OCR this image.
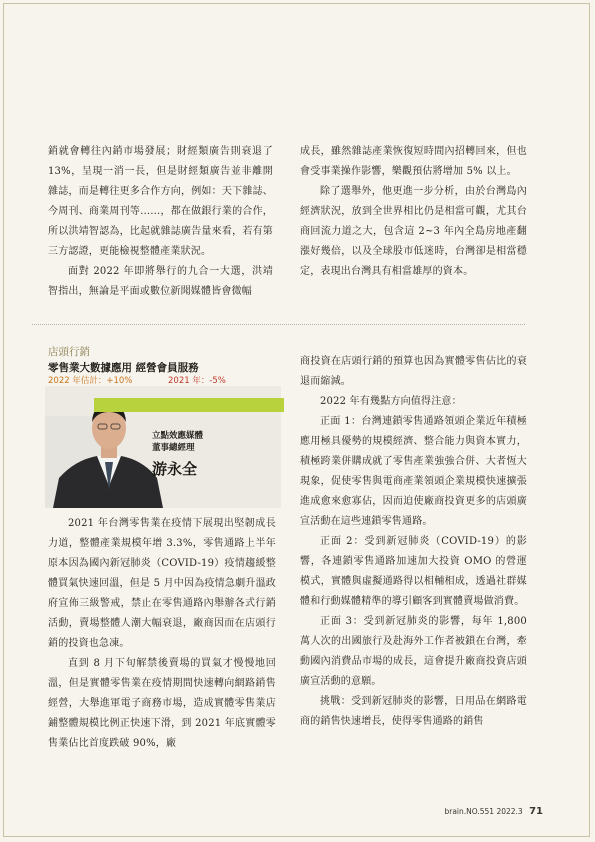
銷就會轉往內銷市場發展；財經類廣告則衰退了 13%，呈現一消一長，但是財經類廣告並非離開雜誌，而是轉往更多合作方向，例如：天下雜誌、今周刊、商業周刊等……，都在做銀行業的合作，所以洪靖智認為，比起就雜誌廣告量來看，若有第三方認證，更能檢視整體產業狀況。

面對 2022 年即將舉行的九合一大選，洪靖智指出，無論是平面或數位新聞媒體皆會微幅

成長，雖然雜誌產業恢復短時間內招轉回來，但也會受事業操作影響，樂觀預估將增加 5% 以上。

除了選舉外，他更進一步分析，由於台灣島內經濟狀況，放到全世界相比仍是相當可觀，尤其台商回流力道之大，包含這 2~3 年內全島房地產翻漲好幾倍，以及全球股市低迷時，台灣卻是相當穩定，表現出台灣具有相當雄厚的資本。

店頭行銷
零售業大數據應用 經營會員服務
2022 年估計：+10%	2021 年：-5%
立點效應媒體
董事總經理
游永全

2021 年台灣零售業在疫情下展現出堅韌成長力道，整體產業規模年增 3.3%，零售通路上半年原本因為國內新冠肺炎（COVID-19）疫情趨緩整體買氣快速回溫，但是 5 月中因為疫情急劇升溫政府宣佈三級警戒，禁止在零售通路內舉辦各式行銷活動，賣場整體人潮大幅衰退，廠商因而在店頭行銷的投資也急凍。

直到 8 月下旬解禁後賣場的買氣才慢慢地回溫，但是實體零售業在疫情期間快速轉向網路銷售經營，大舉進軍電子商務市場，造成實體零售業店鋪整體規模比例正快速下滑，到 2021 年底實體零售業佔比首度跌破 90%，廠

商投資在店頭行銷的預算也因為實體零售佔比的衰退而縮減。

2022 年有幾點方向值得注意：

正面 1：台灣連鎖零售通路領頭企業近年積極應用極具優勢的規模經濟、整合能力與資本實力，積極跨業併購成就了零售產業強強合併、大者恆大現象，促使零售與電商產業領頭企業規模快速擴張進成愈來愈寡佔，因而迫使廠商投資更多的店頭廣宣活動在這些連鎖零售通路。

正面 2：受到新冠肺炎（COVID-19）的影響，各連鎖零售通路加速加大投資 OMO 的營運模式，實體與虛擬通路得以相輔相成，透過社群媒體和行動媒體精準的導引顧客到實體賣場做消費。

正面 3：受到新冠肺炎的影響，每年 1,800 萬人次的出國旅行及赴海外工作者被鎖在台灣，牽動國內消費品市場的成長，這會提升廠商投資店頭廣宣活動的意願。

挑戰：受到新冠肺炎的影響，日用品在網路電商的銷售快速增長，使得零售通路的銷售

brain.NO.551 2022.3 71
